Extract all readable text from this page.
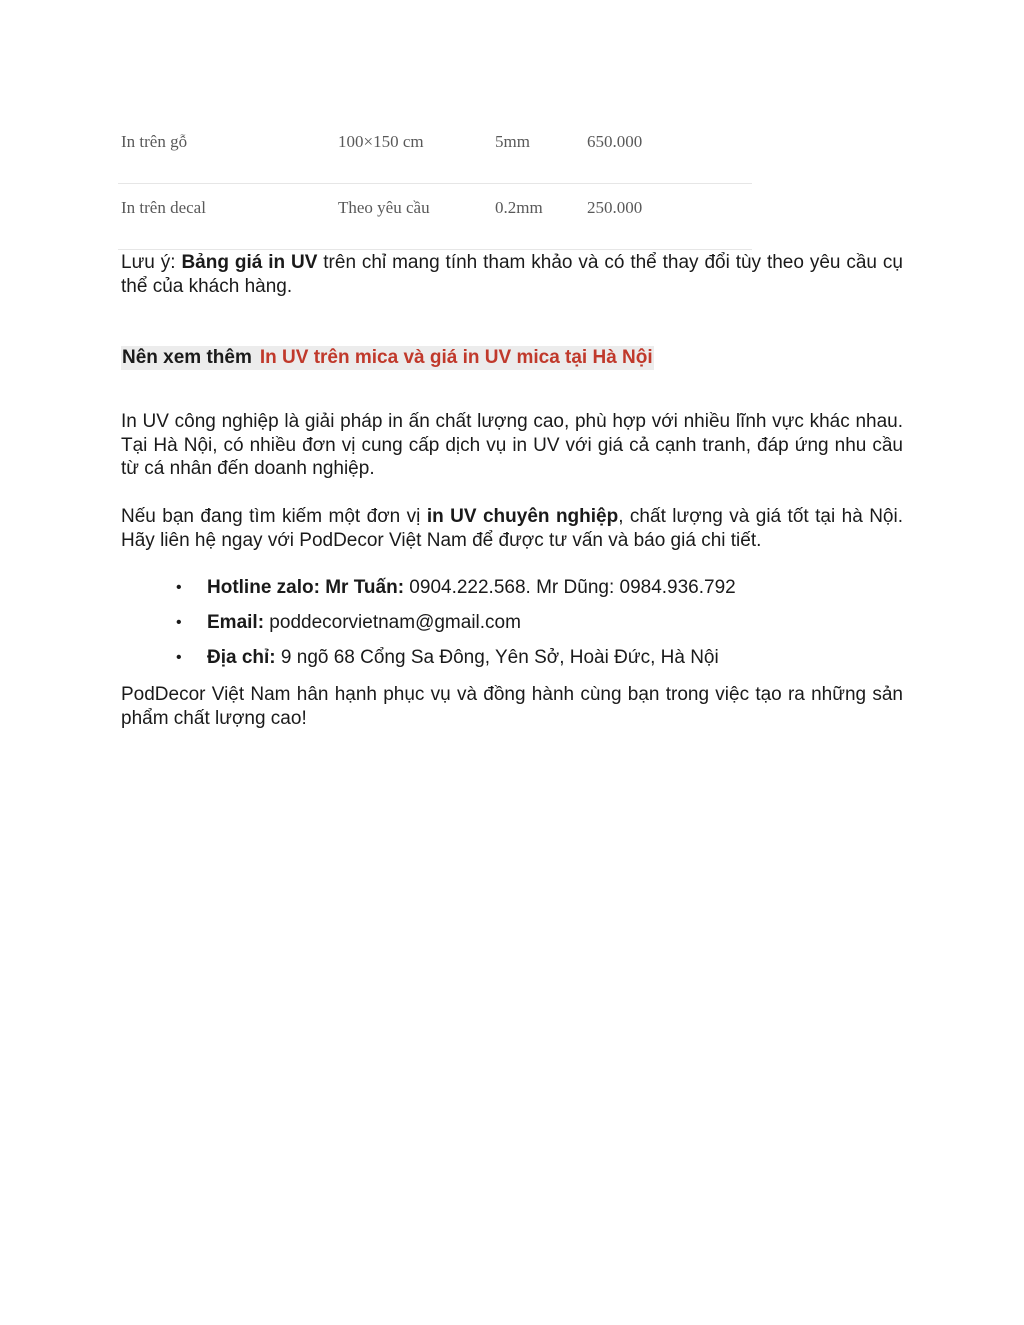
In trên gỗ	100×150 cm	5mm	650.000
In trên decal	Theo yêu cầu	0.2mm	250.000

Lưu ý: Bảng giá in UV trên chỉ mang tính tham khảo và có thể thay đổi tùy theo yêu cầu cụ thể của khách hàng.

Nên xem thêm In UV trên mica và giá in UV mica tại Hà Nội

In UV công nghiệp là giải pháp in ấn chất lượng cao, phù hợp với nhiều lĩnh vực khác nhau. Tại Hà Nội, có nhiều đơn vị cung cấp dịch vụ in UV với giá cả cạnh tranh, đáp ứng nhu cầu từ cá nhân đến doanh nghiệp.

Nếu bạn đang tìm kiếm một đơn vị in UV chuyên nghiệp, chất lượng và giá tốt tại hà Nội. Hãy liên hệ ngay với PodDecor Việt Nam để được tư vấn và báo giá chi tiết.

• Hotline zalo: Mr Tuấn: 0904.222.568. Mr Dũng: 0984.936.792
• Email: poddecorvietnam@gmail.com
• Địa chỉ: 9 ngõ 68 Cổng Sa Đông, Yên Sở, Hoài Đức, Hà Nội

PodDecor Việt Nam hân hạnh phục vụ và đồng hành cùng bạn trong việc tạo ra những sản phẩm chất lượng cao!
